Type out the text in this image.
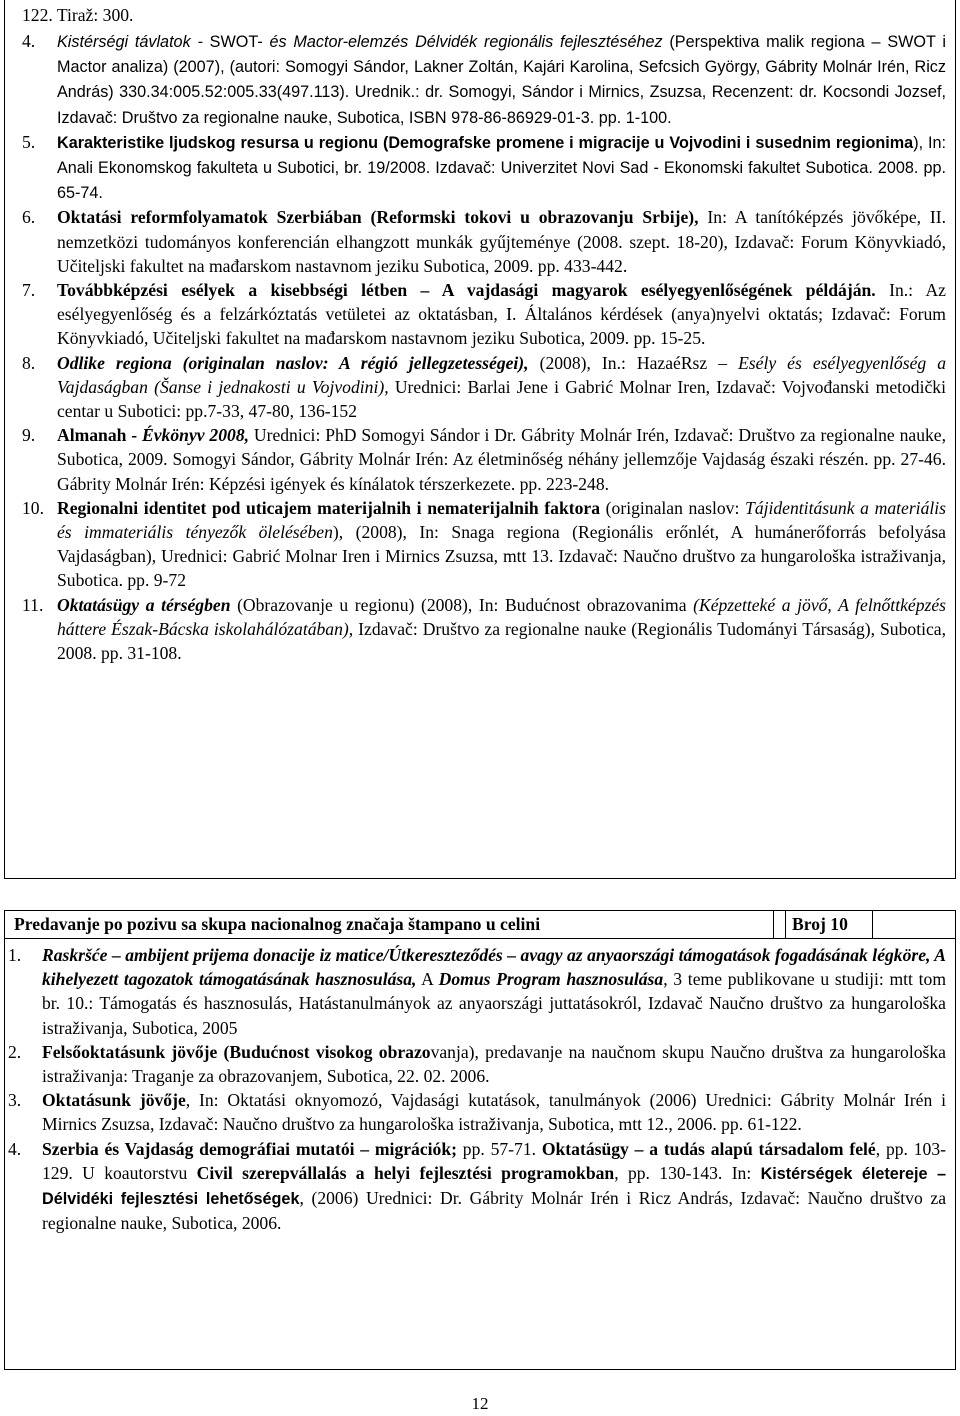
122. Tiraž: 300.
4. Kistérségi távlatok - SWOT- és Mactor-elemzés Délvidék regionális fejlesztéséhez (Perspektiva malik regiona – SWOT i Mactor analiza) (2007), (autori: Somogyi Sándor, Lakner Zoltán, Kajári Karolina, Sefcsich György, Gábrity Molnár Irén, Ricz András) 330.34:005.52:005.33(497.113). Urednik.: dr. Somogyi, Sándor i Mirnics, Zsuzsa, Recenzent: dr. Kocsondi Jozsef, Izdavač: Društvo za regionalne nauke, Subotica, ISBN 978-86-86929-01-3. pp. 1-100.
5. Karakteristike ljudskog resursa u regionu (Demografske promene i migracije u Vojvodini i susednim regionima), In: Anali Ekonomskog fakulteta u Subotici, br. 19/2008. Izdavač: Univerzitet Novi Sad - Ekonomski fakultet Subotica. 2008. pp. 65-74.
6. Oktatási reformfolyamatok Szerbiában (Reformski tokovi u obrazovanju Srbije), In: A tanítóképzés jövőképe, II. nemzetközi tudományos konferencián elhangzott munkák gyűjteménye (2008. szept. 18-20), Izdavač: Forum Könyvkiadó, Učiteljski fakultet na mađarskom nastavnom jeziku Subotica, 2009. pp. 433-442.
7. Továbbképzési esélyek a kisebbségi létben – A vajdasági magyarok esélyegyenlőségének példáján. In.: Az esélyegyenlőség és a felzárkóztatás vetületei az oktatásban, I. Általános kérdések (anya)nyelvi oktatás; Izdavač: Forum Könyvkiadó, Učiteljski fakultet na mađarskom nastavnom jeziku Subotica, 2009. pp. 15-25.
8. Odlike regiona (originalan naslov: A régió jellegzetességei), (2008), In.: HazaéRsz – Esély és esélyegyenlőség a Vajdaságban (Šanse i jednakosti u Vojvodini), Urednici: Barlai Jene i Gabrić Molnar Iren, Izdavač: Vojvođanski metodički centar u Subotici: pp.7-33, 47-80, 136-152
9. Almanah - Évkönyv 2008, Urednici: PhD Somogyi Sándor i Dr. Gábrity Molnár Irén, Izdavač: Društvo za regionalne nauke, Subotica, 2009. Somogyi Sándor, Gábrity Molnár Irén: Az életminőség néhány jellemzője Vajdaság északi részén. pp. 27-46. Gábrity Molnár Irén: Képzési igények és kínálatok térszerkezete. pp. 223-248.
10. Regionalni identitet pod uticajem materijalnih i nematerijalnih faktora (originalan naslov: Tájidentitásunk a materiális és immateriális tényezők ölelésében), (2008), In: Snaga regiona (Regionális erőnlét, A humánerőforrás befolyása Vajdaságban), Urednici: Gabrić Molnar Iren i Mirnics Zsuzsa, mtt 13. Izdavač: Naučno društvo za hungarološka istraživanja, Subotica. pp. 9-72
11. Oktatásügy a térségben (Obrazovanje u regionu) (2008), In: Budućnost obrazovanima (Képzetteké a jövő, A felnőttképzés háttere Észak-Bácska iskolahálózatában), Izdavač: Društvo za regionalne nauke (Regionális Tudományi Társaság), Subotica, 2008. pp. 31-108.
Predavanje po pozivu sa skupa nacionalnog značaja štampano u celini	Broj 10
1. Raskršće – ambijent prijema donacije iz matice/Útkereszteződés – avagy az anyaországi támogatások fogadásának légköre, A kihelyezett tagozatok támogatásának hasznosulása, A Domus Program hasznosulása, 3 teme publikovane u studiji: mtt tom br. 10.: Támogatás és hasznosulás, Hatástanulmányok az anyaországi juttatásokról, Izdavač Naučno društvo za hungarološka istraživanja, Subotica, 2005
2. Felsőoktatásunk jövője (Budućnost visokog obrazovanja), predavanje na naučnom skupu Naučno društva za hungarološka istraživanja: Traganje za obrazovanjem, Subotica, 22. 02. 2006.
3. Oktatásunk jövője, In: Oktatási oknyomozó, Vajdasági kutatások, tanulmányok (2006) Urednici: Gábrity Molnár Irén i Mirnics Zsuzsa, Izdavač: Naučno društvo za hungarološka istraživanja, Subotica, mtt 12., 2006. pp. 61-122.
4. Szerbia és Vajdaság demográfiai mutatói – migrációk; pp. 57-71. Oktatásügy – a tudás alapú társadalom felé, pp. 103-129. U koautorstvu Civil szerepvállalás a helyi fejlesztési programokban, pp. 130-143. In: Kistérségek életereje – Délvidéki fejlesztési lehetőségek, (2006) Urednici: Dr. Gábrity Molnár Irén i Ricz András, Izdavač: Naučno društvo za regionalne nauke, Subotica, 2006.
12
